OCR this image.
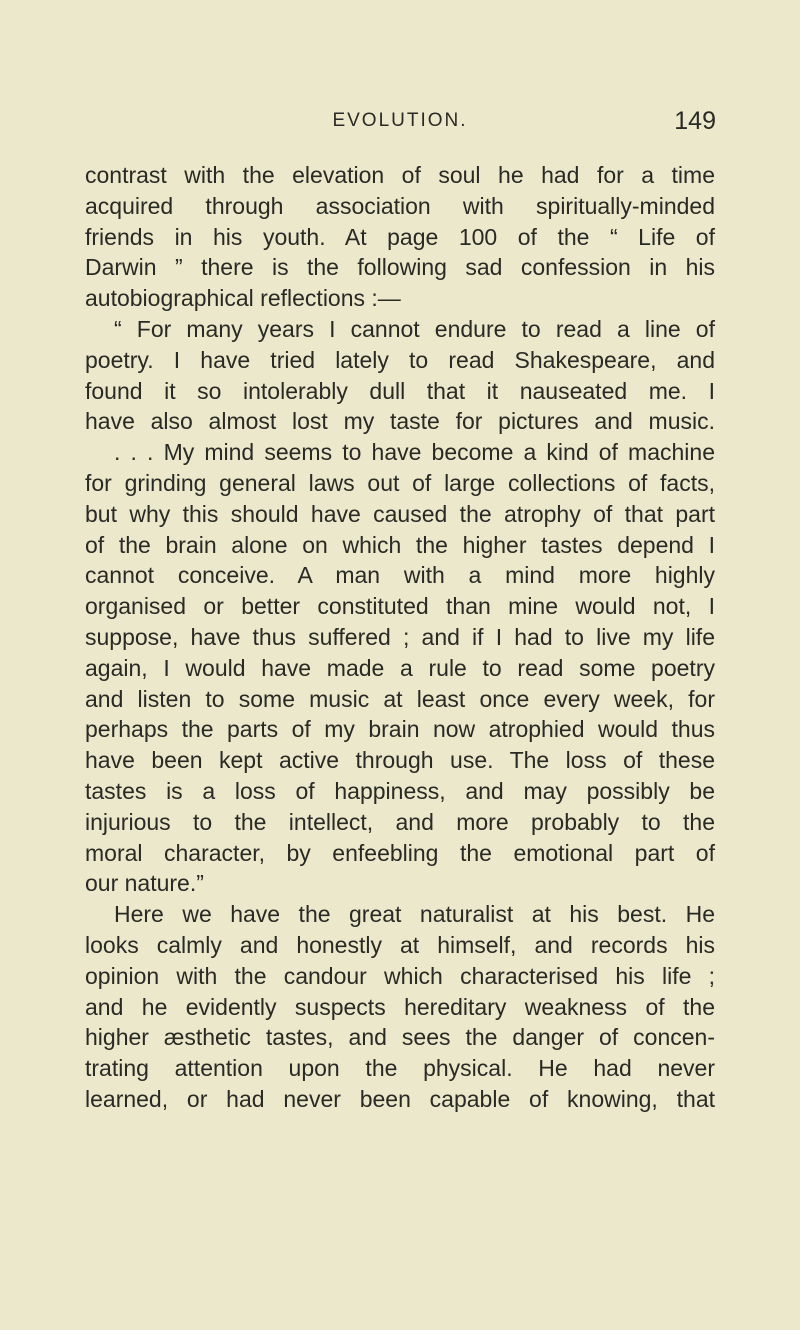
EVOLUTION.	149
contrast with the elevation of soul he had for a time
acquired through association with spiritually-minded
friends in his youth. At page 100 of the “ Life of
Darwin ” there is the following sad confession in his
autobiographical reflections :—
“ For many years I cannot endure to read a line of
poetry. I have tried lately to read Shakespeare, and
found it so intolerably dull that it nauseated me. I
have also almost lost my taste for pictures and music.
. . . My mind seems to have become a kind of machine
for grinding general laws out of large collections of facts,
but why this should have caused the atrophy of that part
of the brain alone on which the higher tastes depend I
cannot conceive. A man with a mind more highly
organised or better constituted than mine would not, I
suppose, have thus suffered ; and if I had to live my life
again, I would have made a rule to read some poetry
and listen to some music at least once every week, for
perhaps the parts of my brain now atrophied would thus
have been kept active through use. The loss of these
tastes is a loss of happiness, and may possibly be
injurious to the intellect, and more probably to the
moral character, by enfeebling the emotional part of
our nature.”
Here we have the great naturalist at his best. He
looks calmly and honestly at himself, and records his
opinion with the candour which characterised his life ;
and he evidently suspects hereditary weakness of the
higher æsthetic tastes, and sees the danger of concen-
trating attention upon the physical. He had never
learned, or had never been capable of knowing, that
